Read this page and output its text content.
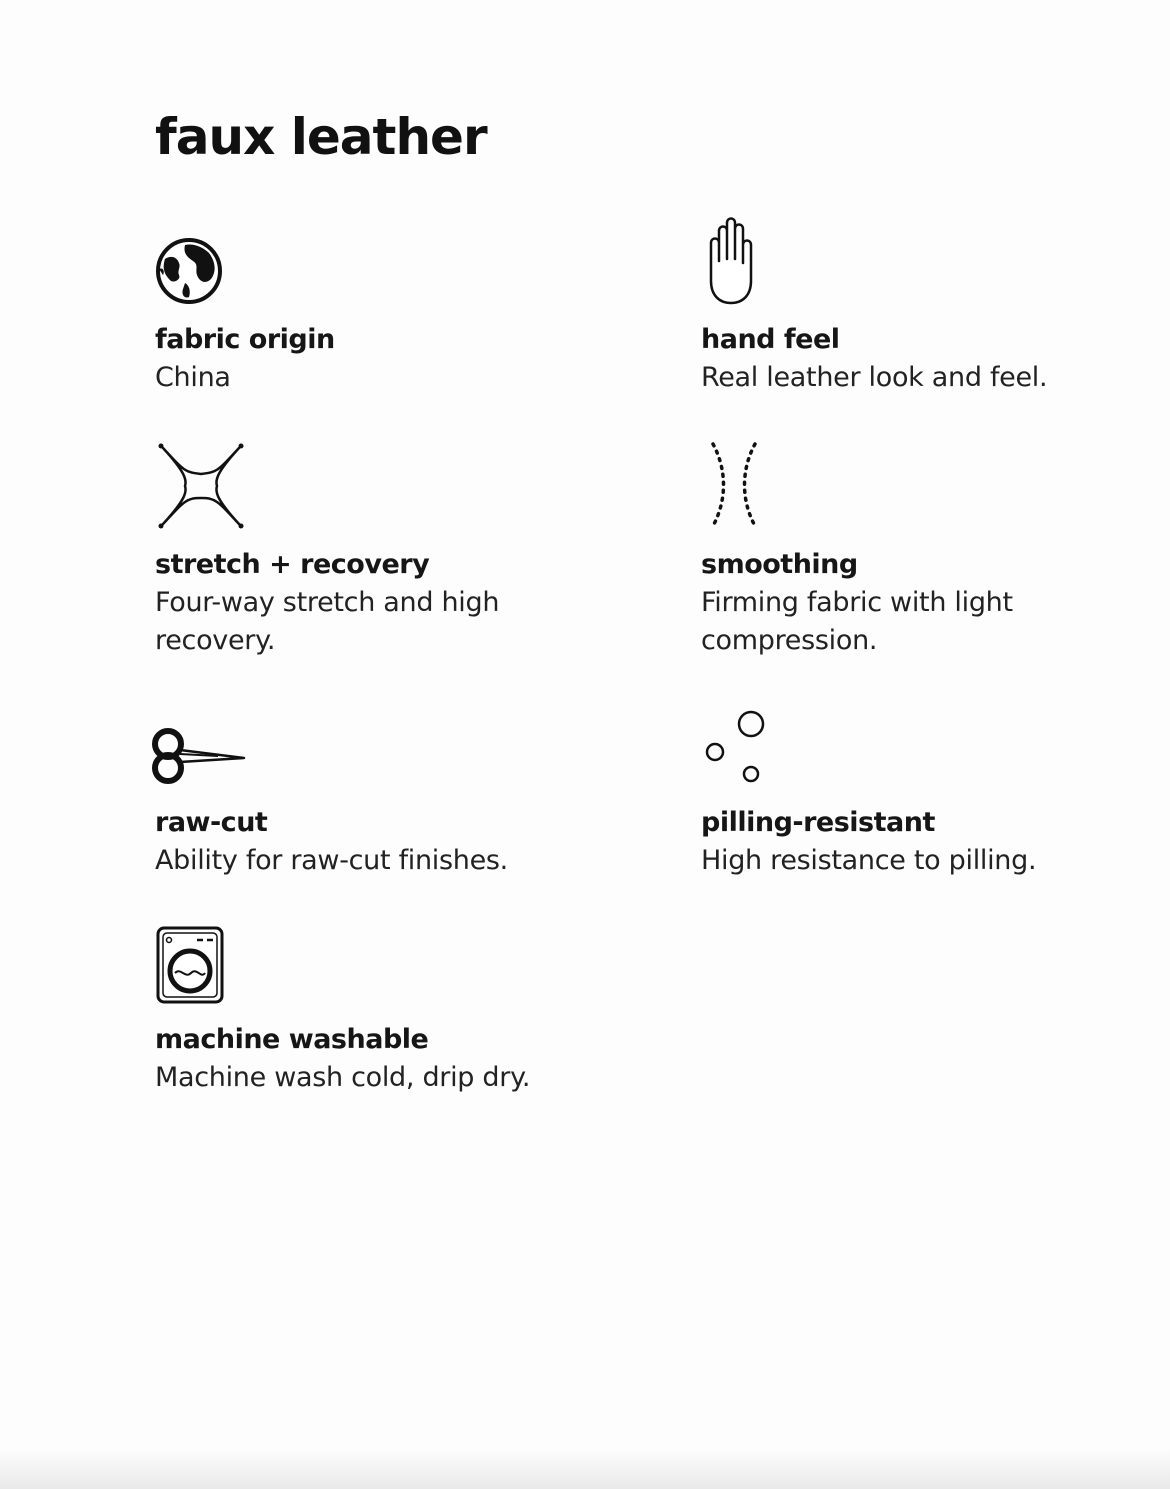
faux leather
fabric origin
China
hand feel
Real leather look and feel.
stretch + recovery
Four-way stretch and high recovery.
smoothing
Firming fabric with light compression.
raw-cut
Ability for raw-cut finishes.
pilling-resistant
High resistance to pilling.
machine washable
Machine wash cold, drip dry.
